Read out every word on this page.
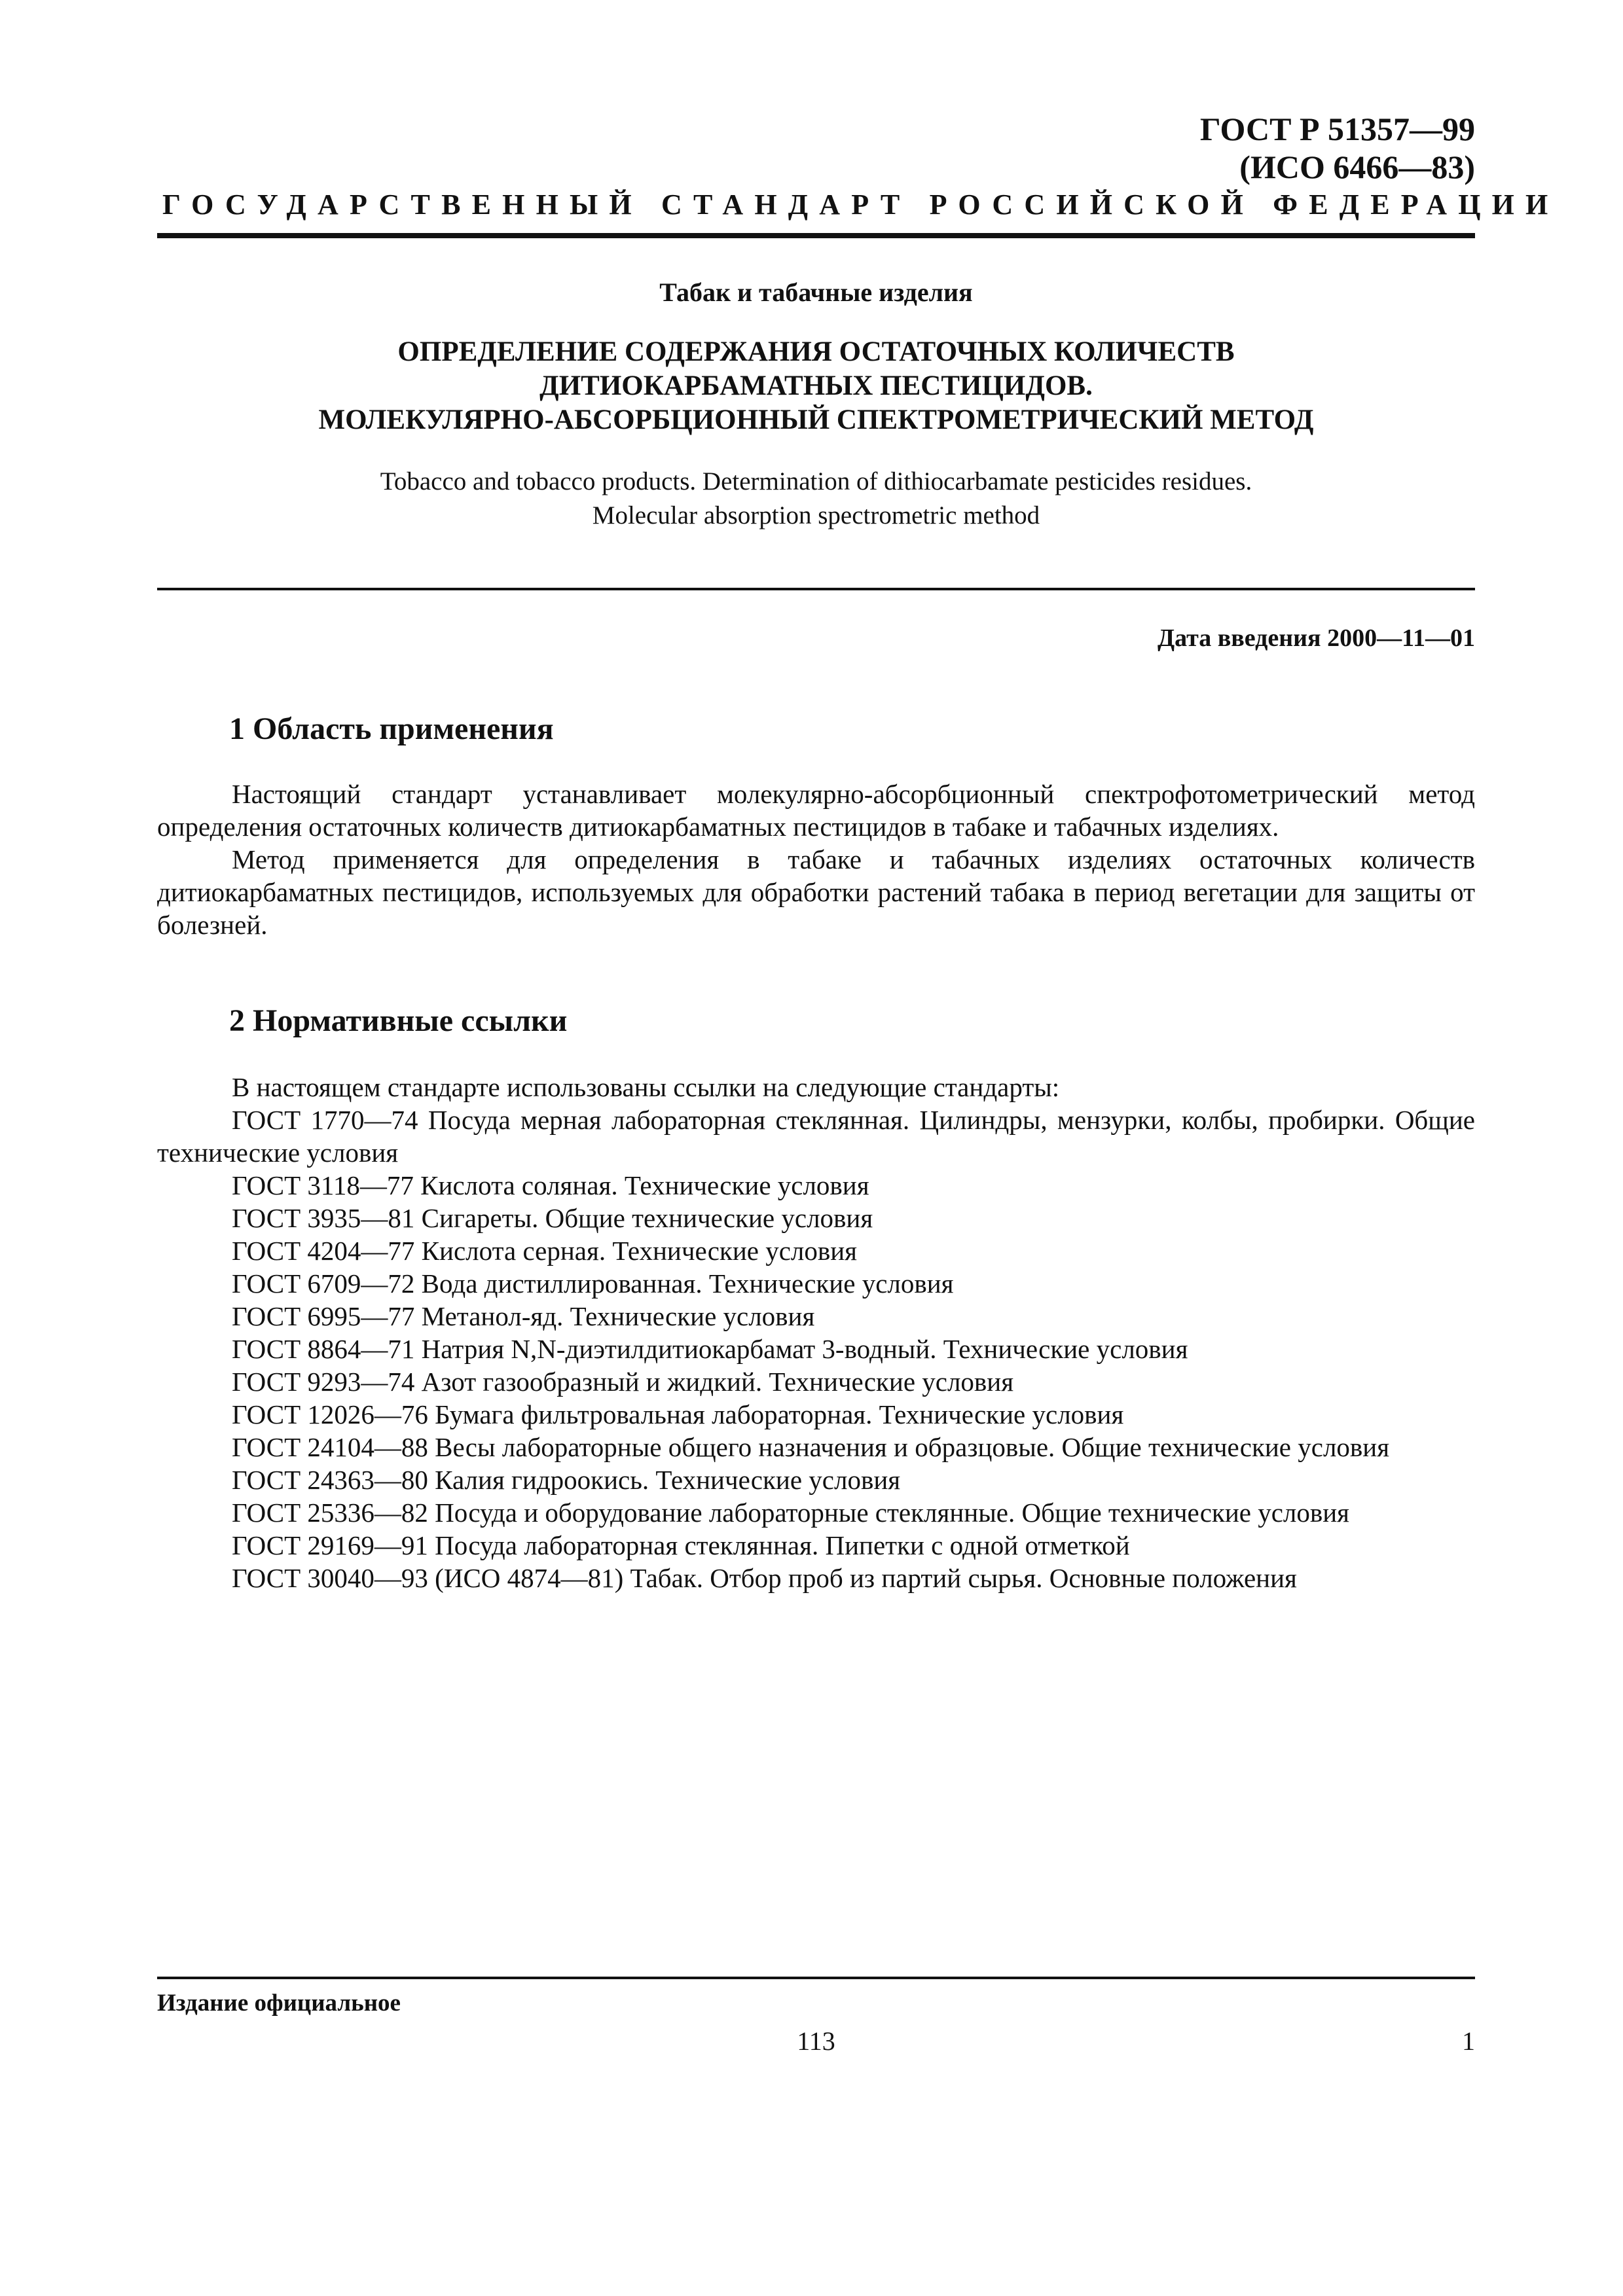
ГОСТ Р 51357—99
(ИСО 6466—83)
ГОСУДАРСТВЕННЫЙ СТАНДАРТ РОССИЙСКОЙ ФЕДЕРАЦИИ
Табак и табачные изделия
ОПРЕДЕЛЕНИЕ СОДЕРЖАНИЯ ОСТАТОЧНЫХ КОЛИЧЕСТВ
ДИТИОКАРБАМАТНЫХ ПЕСТИЦИДОВ.
МОЛЕКУЛЯРНО-АБСОРБЦИОННЫЙ СПЕКТРОМЕТРИЧЕСКИЙ МЕТОД
Tobacco and tobacco products. Determination of dithiocarbamate pesticides residues.
Molecular absorption spectrometric method
Дата введения 2000—11—01
1 Область применения

Настоящий стандарт устанавливает молекулярно-абсорбционный спектрофотометрический метод определения остаточных количеств дитиокарбаматных пестицидов в табаке и табачных изделиях.

Метод применяется для определения в табаке и табачных изделиях остаточных количеств дитиокарбаматных пестицидов, используемых для обработки растений табака в период вегетации для защиты от болезней.

2 Нормативные ссылки

В настоящем стандарте использованы ссылки на следующие стандарты:

ГОСТ 1770—74 Посуда мерная лабораторная стеклянная. Цилиндры, мензурки, колбы, пробирки. Общие технические условия

ГОСТ 3118—77 Кислота соляная. Технические условия

ГОСТ 3935—81 Сигареты. Общие технические условия

ГОСТ 4204—77 Кислота серная. Технические условия

ГОСТ 6709—72 Вода дистиллированная. Технические условия

ГОСТ 6995—77 Метанол-яд. Технические условия

ГОСТ 8864—71 Натрия N,N-диэтилдитиокарбамат 3-водный. Технические условия

ГОСТ 9293—74 Азот газообразный и жидкий. Технические условия

ГОСТ 12026—76 Бумага фильтровальная лабораторная. Технические условия

ГОСТ 24104—88 Весы лабораторные общего назначения и образцовые. Общие технические условия

ГОСТ 24363—80 Калия гидроокись. Технические условия

ГОСТ 25336—82 Посуда и оборудование лабораторные стеклянные. Общие технические условия

ГОСТ 29169—91 Посуда лабораторная стеклянная. Пипетки с одной отметкой

ГОСТ 30040—93 (ИСО 4874—81) Табак. Отбор проб из партий сырья. Основные положения

Издание официальное
113	1
